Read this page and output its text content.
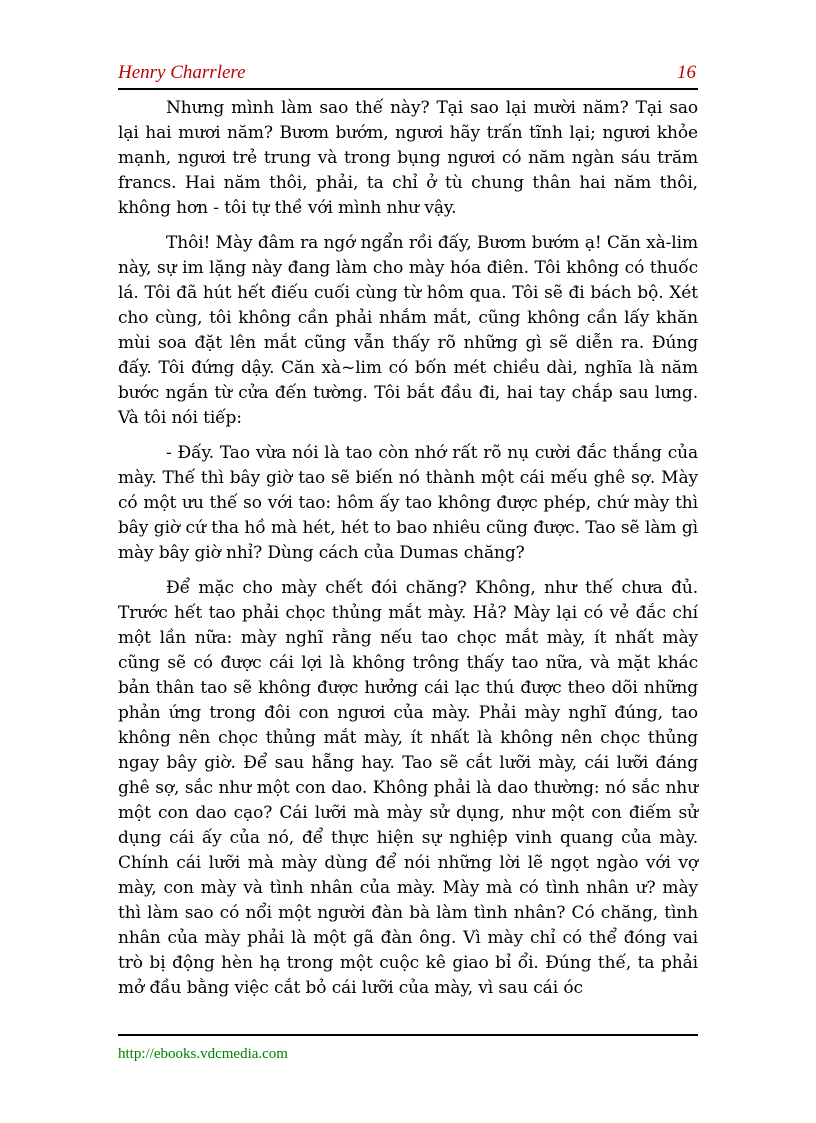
Henry Charrlere	16

Nhưng mình làm sao thế này? Tại sao lại mười năm? Tại sao lại hai mươi năm? Bươm bướm, ngươi hãy trấn tĩnh lại; ngươi khỏe mạnh, ngươi trẻ trung và trong bụng ngươi có năm ngàn sáu trăm francs. Hai năm thôi, phải, ta chỉ ở tù chung thân hai năm thôi, không hơn - tôi tự thề với mình như vậy.

Thôi! Mày đâm ra ngớ ngẩn rồi đấy, Bươm bướm ạ! Căn xà-lim này, sự im lặng này đang làm cho mày hóa điên. Tôi không có thuốc lá. Tôi đã hút hết điếu cuối cùng từ hôm qua. Tôi sẽ đi bách bộ. Xét cho cùng, tôi không cần phải nhắm mắt, cũng không cần lấy khăn mùi soa đặt lên mắt cũng vẫn thấy rõ những gì sẽ diễn ra. Đúng đấy. Tôi đứng dậy. Căn xà~lim có bốn mét chiều dài, nghĩa là năm bước ngắn từ cửa đến tường. Tôi bắt đầu đi, hai tay chắp sau lưng. Và tôi nói tiếp:

- Đấy. Tao vừa nói là tao còn nhớ rất rõ nụ cười đắc thắng của mày. Thế thì bây giờ tao sẽ biến nó thành một cái mếu ghê sợ. Mày có một ưu thế so với tao: hôm ấy tao không được phép, chứ mày thì bây giờ cứ tha hồ mà hét, hét to bao nhiêu cũng được. Tao sẽ làm gì mày bây giờ nhỉ? Dùng cách của Dumas chăng?

Để mặc cho mày chết đói chăng? Không, như thế chưa đủ. Trước hết tao phải chọc thủng mắt mày. Hả? Mày lại có vẻ đắc chí một lần nữa: mày nghĩ rằng nếu tao chọc mắt mày, ít nhất mày cũng sẽ có được cái lợi là không trông thấy tao nữa, và mặt khác bản thân tao sẽ không được hưởng cái lạc thú được theo dõi những phản ứng trong đôi con ngươi của mày. Phải mày nghĩ đúng, tao không nên chọc thủng mắt mày, ít nhất là không nên chọc thủng ngay bây giờ. Để sau hẵng hay. Tao sẽ cắt lưỡi mày, cái lưỡi đáng ghê sợ, sắc như một con dao. Không phải là dao thường: nó sắc như một con dao cạo? Cái lưỡi mà mày sử dụng, như một con điếm sử dụng cái ấy của nó, để thực hiện sự nghiệp vinh quang của mày. Chính cái lưỡi mà mày dùng để nói những lời lẽ ngọt ngào với vợ mày, con mày và tình nhân của mày. Mày mà có tình nhân ư? mày thì làm sao có nổi một người đàn bà làm tình nhân? Có chăng, tình nhân của mày phải là một gã đàn ông. Vì mày chỉ có thể đóng vai trò bị động hèn hạ trong một cuộc kê giao bỉ ổi. Đúng thế, ta phải mở đầu bằng việc cắt bỏ cái lưỡi của mày, vì sau cái óc

http://ebooks.vdcmedia.com
